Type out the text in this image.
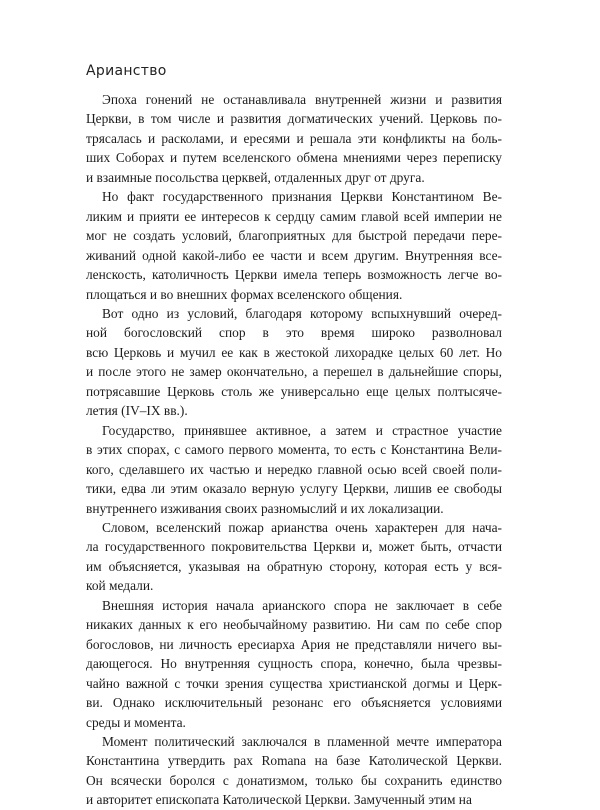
Арианство
Эпоха гонений не останавливала внутренней жизни и развития
Церкви, в том числе и развития догматических учений. Церковь по-
трясалась и расколами, и ересями и решала эти конфликты на боль-
ших Соборах и путем вселенского обмена мнениями через переписку
и взаимные посольства церквей, отдаленных друг от друга.
Но факт государственного признания Церкви Константином Ве-
ликим и прияти ее интересов к сердцу самим главой всей империи не
мог не создать условий, благоприятных для быстрой передачи пере-
живаний одной какой-либо ее части и всем другим. Внутренняя все-
ленскость, католичность Церкви имела теперь возможность легче во-
площаться и во внешних формах вселенского общения.
Вот одно из условий, благодаря которому вспыхнувший очеред-
ной богословский спор в это время широко разволновал
всю Церковь и мучил ее как в жестокой лихорадке целых 60 лет. Но
и после этого не замер окончательно, а перешел в дальнейшие споры,
потрясавшие Церковь столь же универсально еще целых полтысяче-
летия (IV–IX вв.).
Государство, принявшее активное, а затем и страстное участие
в этих спорах, с самого первого момента, то есть с Константина Вели-
кого, сделавшего их частью и нередко главной осью всей своей поли-
тики, едва ли этим оказало верную услугу Церкви, лишив ее свободы
внутреннего изживания своих разномыслий и их локализации.
Словом, вселенский пожар арианства очень характерен для нача-
ла государственного покровительства Церкви и, может быть, отчасти
им объясняется, указывая на обратную сторону, которая есть у вся-
кой медали.
Внешняя история начала арианского спора не заключает в себе
никаких данных к его необычайному развитию. Ни сам по себе спор
богословов, ни личность ересиарха Ария не представляли ничего вы-
дающегося. Но внутренняя сущность спора, конечно, была чрезвы-
чайно важной с точки зрения существа христианской догмы и Церк-
ви. Однако исключительный резонанс его объясняется условиями
среды и момента.
Момент политический заключался в пламенной мечте императора
Константина утвердить pax Romana на базе Католической Церкви.
Он всячески боролся с донатизмом, только бы сохранить единство
и авторитет епископата Католической Церкви. Замученный этим на
